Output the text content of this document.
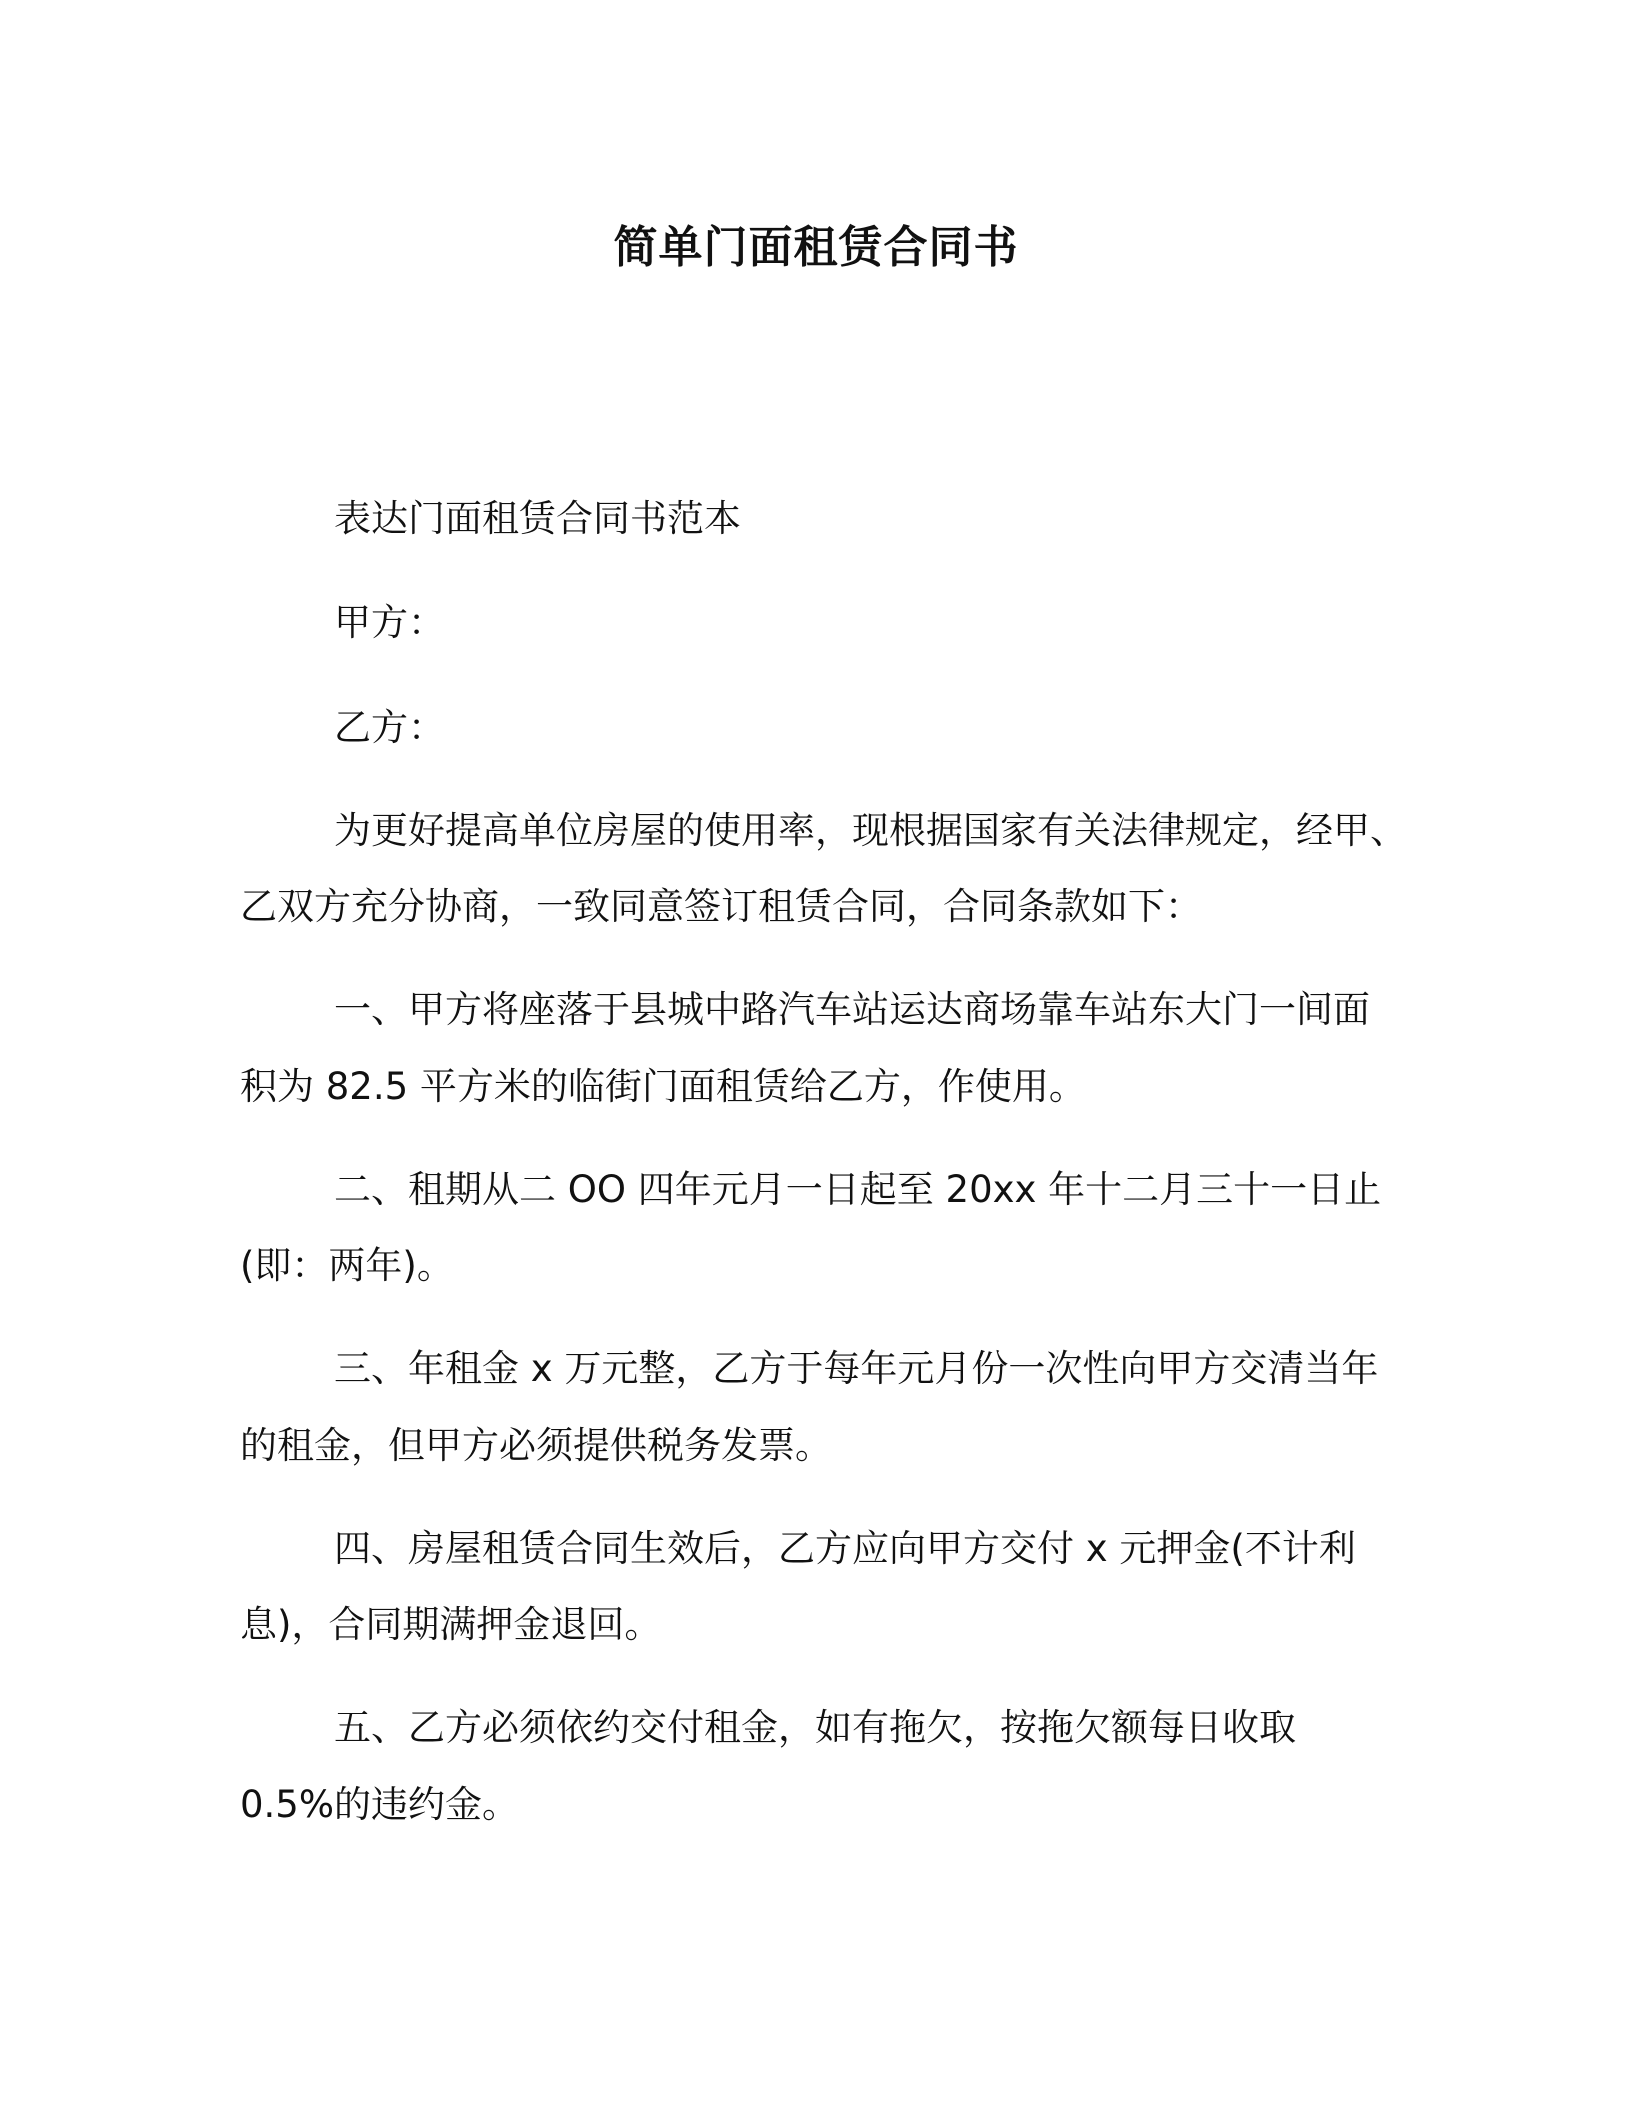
简单门面租赁合同书
表达门面租赁合同书范本
甲方：
乙方：
为更好提高单位房屋的使用率，现根据国家有关法律规定，经甲、
乙双方充分协商，一致同意签订租赁合同，合同条款如下：
一、甲方将座落于县城中路汽车站运达商场靠车站东大门一间面
积为 82.5 平方米的临街门面租赁给乙方，作使用。
二、租期从二 OO 四年元月一日起至 20xx 年十二月三十一日止
(即：两年)。
三、年租金 x 万元整，乙方于每年元月份一次性向甲方交清当年
的租金，但甲方必须提供税务发票。
四、房屋租赁合同生效后，乙方应向甲方交付 x 元押金(不计利
息)，合同期满押金退回。
五、乙方必须依约交付租金，如有拖欠，按拖欠额每日收取
0.5%的违约金。
